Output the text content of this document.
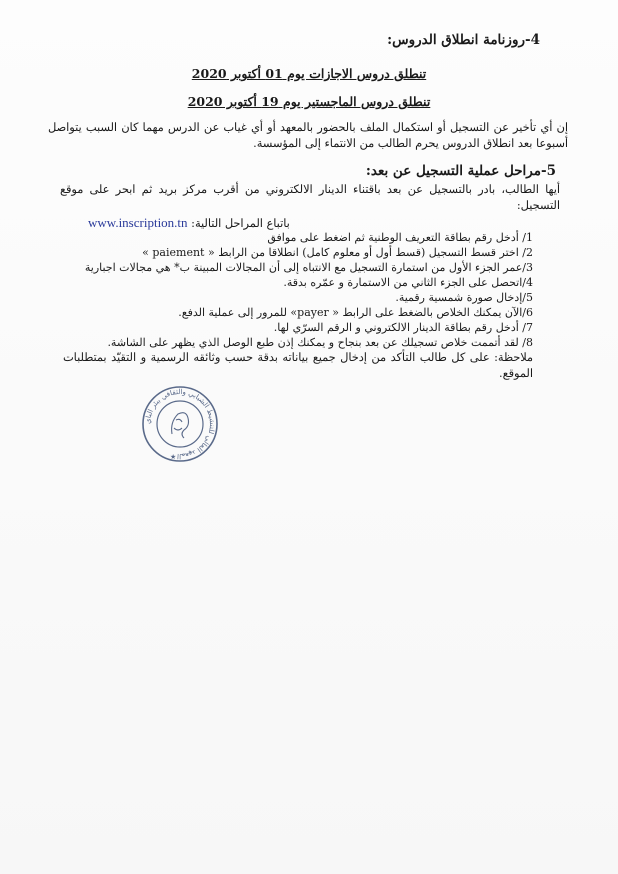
4-روزنامة انطلاق الدروس:
تنطلق دروس الاجازات يوم 01 أكتوبر 2020
تنطلق دروس الماجستير يوم 19 أكتوبر 2020
إن أي تأخير عن التسجيل أو استكمال الملف بالحضور بالمعهد أو أي غياب عن الدرس مهما كان السبب يتواصل أسبوعا بعد انطلاق الدروس يحرم الطالب من الانتماء إلى المؤسسة.
5-مراحل عملية التسجيل عن بعد:
أيها الطالب، بادر بالتسجيل عن بعد باقتناء الدينار الالكتروني من أقرب مركز بريد ثم ابحر على موقع التسجيل:
باتباع المراحل التالية: www.inscription.tn
1/ أدخل رقم بطاقة التعريف الوطنية ثم اضغط على موافق
2/ اختر قسط التسجيل (قسط أول أو معلوم كامل) انطلاقا من الرابط « paiement »
3/عمر الجزء الأول من استمارة التسجيل مع الانتباه إلى أن المجالات المبينة ب* هي مجالات اجبارية
4/اتحصل على الجزء الثاني من الاستمارة و عمّره بدقة.
5/إدخال صورة شمسية رقمية.
6/الآن يمكنك الخلاص بالضغط على الرابط « payer» للمرور إلى عملية الدفع.
7/ أدخل رقم بطاقة الدينار الالكتروني و الرقم السرّي لها.
8/ لقد أتممت خلاص تسجيلك عن بعد بنجاح و يمكنك إذن طبع الوصل الذي يظهر على الشاشة.
ملاحظة: على كل طالب التأكد من إدخال جميع بياناته بدقة حسب وثائقه الرسمية و التقيّد بمتطلبات الموقع.
المعهد العالي للتنشيط الشبابي والثقافي ببئر الباي
★
